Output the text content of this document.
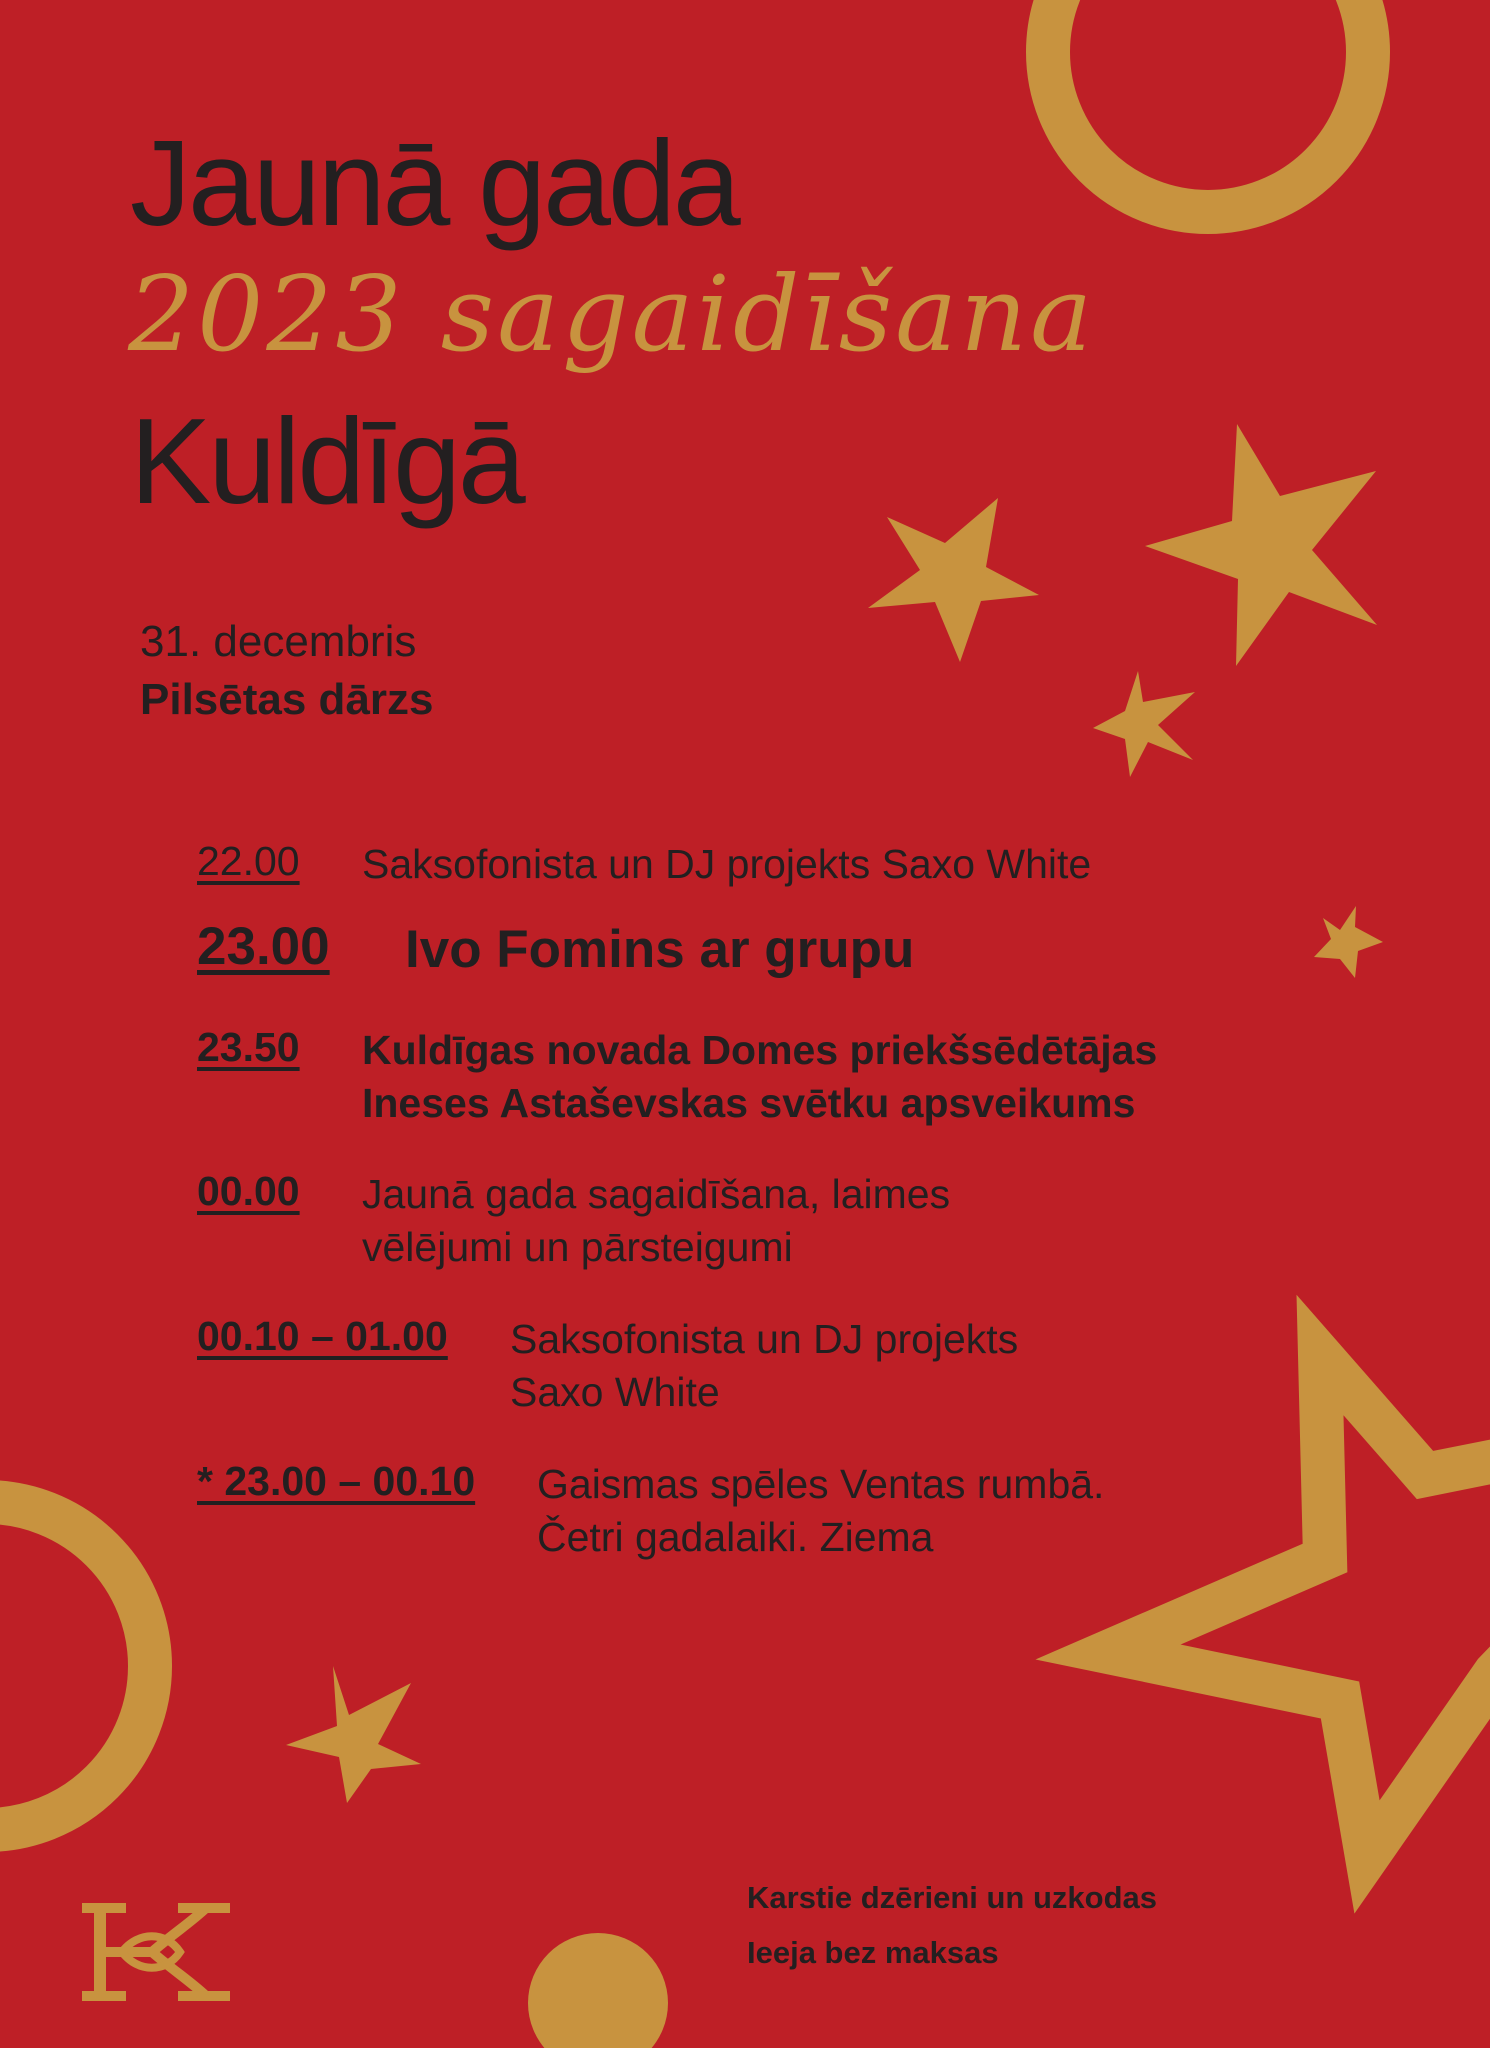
Jaunā gada
2023 sagaidīšana
Kuldīgā
31. decembris
Pilsētas dārzs
22.00	Saksofonista un DJ projekts Saxo White
23.00	Ivo Fomins ar grupu
23.50	Kuldīgas novada Domes priekšsēdētājas
Ineses Astaševskas svētku apsveikums
00.00	Jaunā gada sagaidīšana, laimes
vēlējumi un pārsteigumi
00.10 – 01.00	Saksofonista un DJ projekts
Saxo White
* 23.00 – 00.10	Gaismas spēles Ventas rumbā.
Četri gadalaiki. Ziema
Karstie dzērieni un uzkodas
Ieeja bez maksas
